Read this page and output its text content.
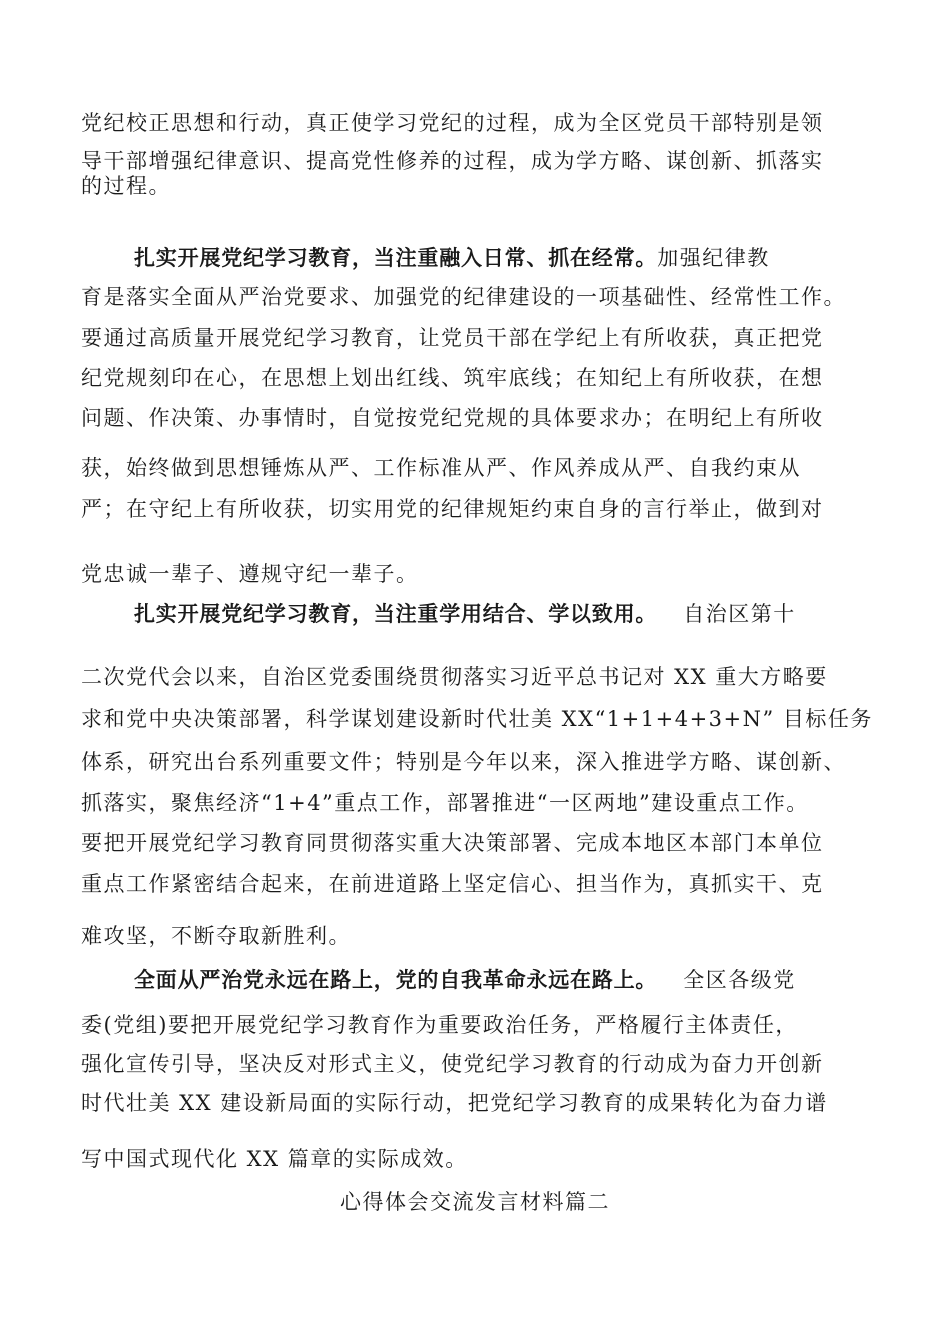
党纪校正思想和行动，真正使学习党纪的过程，成为全区党员干部特别是领
导干部增强纪律意识、提高党性修养的过程，成为学方略、谋创新、抓落实
的过程。
扎实开展党纪学习教育，当注重融入日常、抓在经常。加强纪律教
育是落实全面从严治党要求、加强党的纪律建设的一项基础性、经常性工作。
要通过高质量开展党纪学习教育，让党员干部在学纪上有所收获，真正把党
纪党规刻印在心，在思想上划出红线、筑牢底线；在知纪上有所收获，在想
问题、作决策、办事情时，自觉按党纪党规的具体要求办；在明纪上有所收
获，始终做到思想锤炼从严、工作标准从严、作风养成从严、自我约束从
严；在守纪上有所收获，切实用党的纪律规矩约束自身的言行举止，做到对
党忠诚一辈子、遵规守纪一辈子。
扎实开展党纪学习教育，当注重学用结合、学以致用。 自治区第十
二次党代会以来，自治区党委围绕贯彻落实习近平总书记对 XX 重大方略要
求和党中央决策部署，科学谋划建设新时代壮美 XX“1+1+4+3+N” 目标任务
体系，研究出台系列重要文件；特别是今年以来，深入推进学方略、谋创新、
抓落实，聚焦经济“1+4”重点工作，部署推进“一区两地”建设重点工作。
要把开展党纪学习教育同贯彻落实重大决策部署、完成本地区本部门本单位
重点工作紧密结合起来，在前进道路上坚定信心、担当作为，真抓实干、克
难攻坚，不断夺取新胜利。
全面从严治党永远在路上，党的自我革命永远在路上。 全区各级党
委(党组)要把开展党纪学习教育作为重要政治任务，严格履行主体责任，
强化宣传引导，坚决反对形式主义，使党纪学习教育的行动成为奋力开创新
时代壮美 XX 建设新局面的实际行动，把党纪学习教育的成果转化为奋力谱
写中国式现代化 XX 篇章的实际成效。
心得体会交流发言材料篇二
